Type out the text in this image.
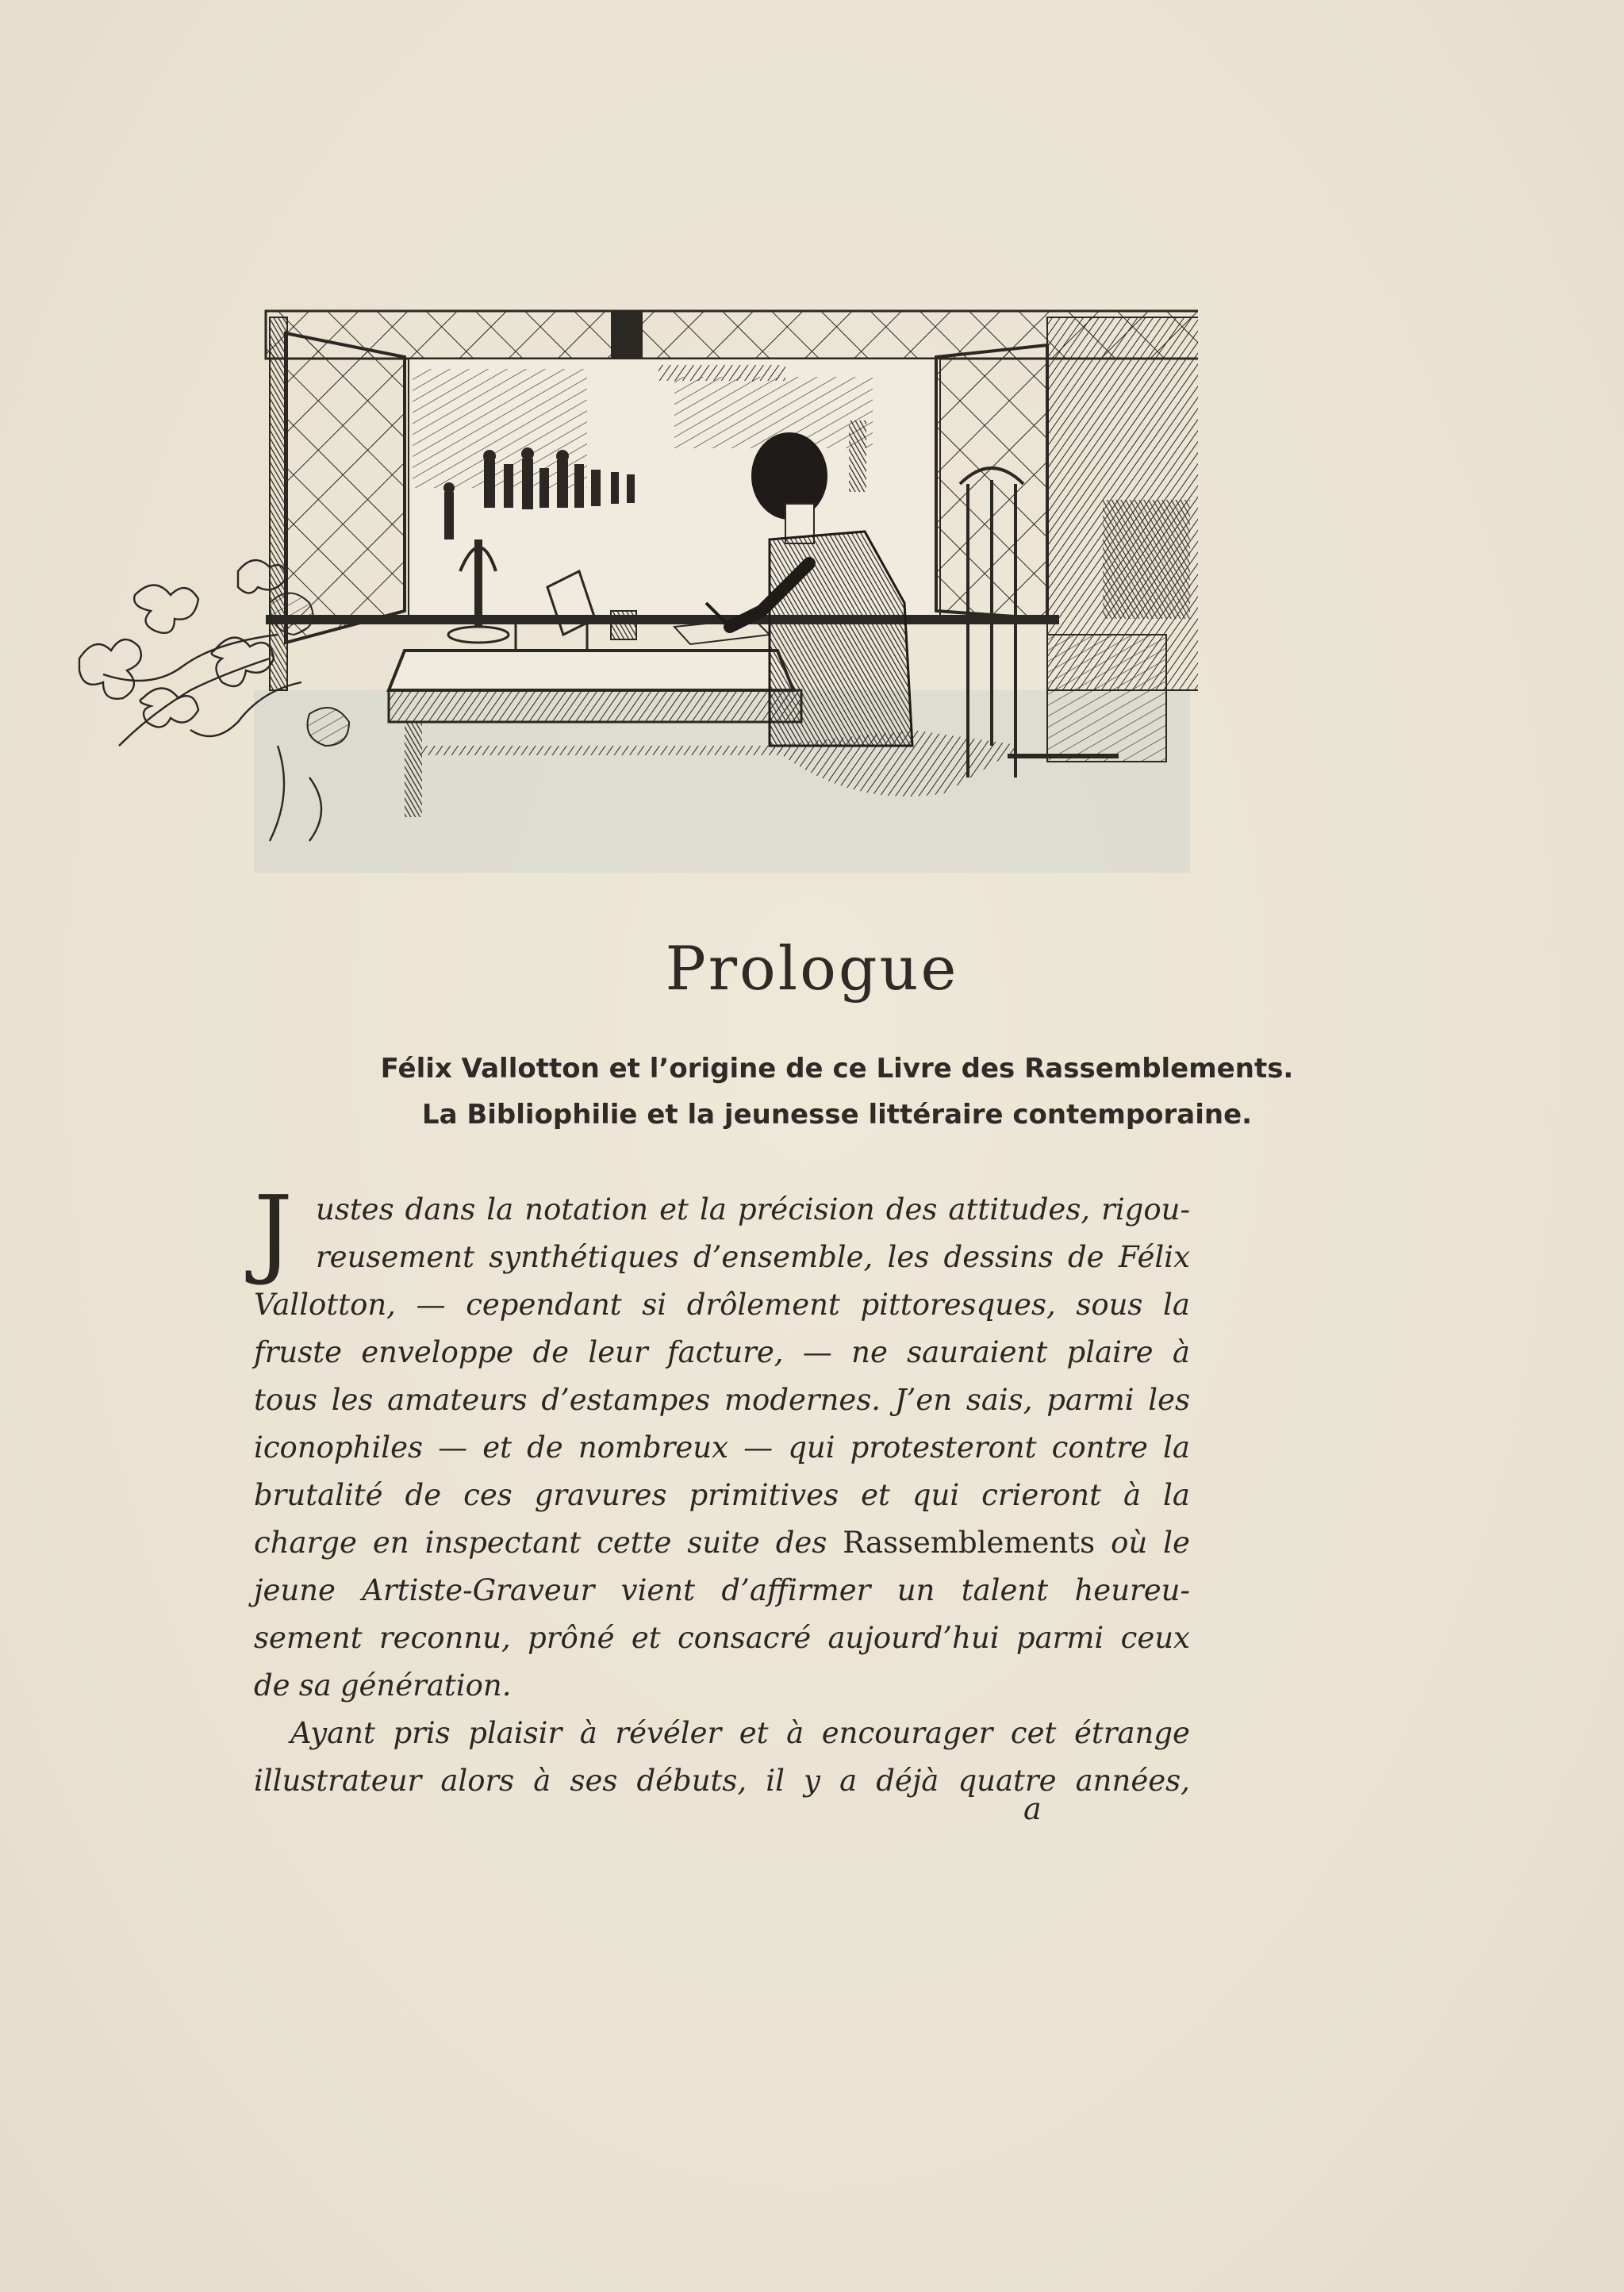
Prologue
Félix Vallotton et l’origine de ce Livre des Rassemblements.
La Bibliophilie et la jeunesse littéraire contemporaine.
J ustes dans la notation et la précision des attitudes, rigou-
reusement synthétiques d’ensemble, les dessins de Félix
Vallotton, — cependant si drôlement pittoresques, sous la
fruste enveloppe de leur facture, — ne sauraient plaire à
tous les amateurs d’estampes modernes. J’en sais, parmi les
iconophiles — et de nombreux — qui protesteront contre la
brutalité de ces gravures primitives et qui crieront à la
charge en inspectant cette suite des Rassemblements où le
jeune Artiste-Graveur vient d’affirmer un talent heureu-
sement reconnu, prôné et consacré aujourd’hui parmi ceux
de sa génération.
Ayant pris plaisir à révéler et à encourager cet étrange
illustrateur alors à ses débuts, il y a déjà quatre années,
a
